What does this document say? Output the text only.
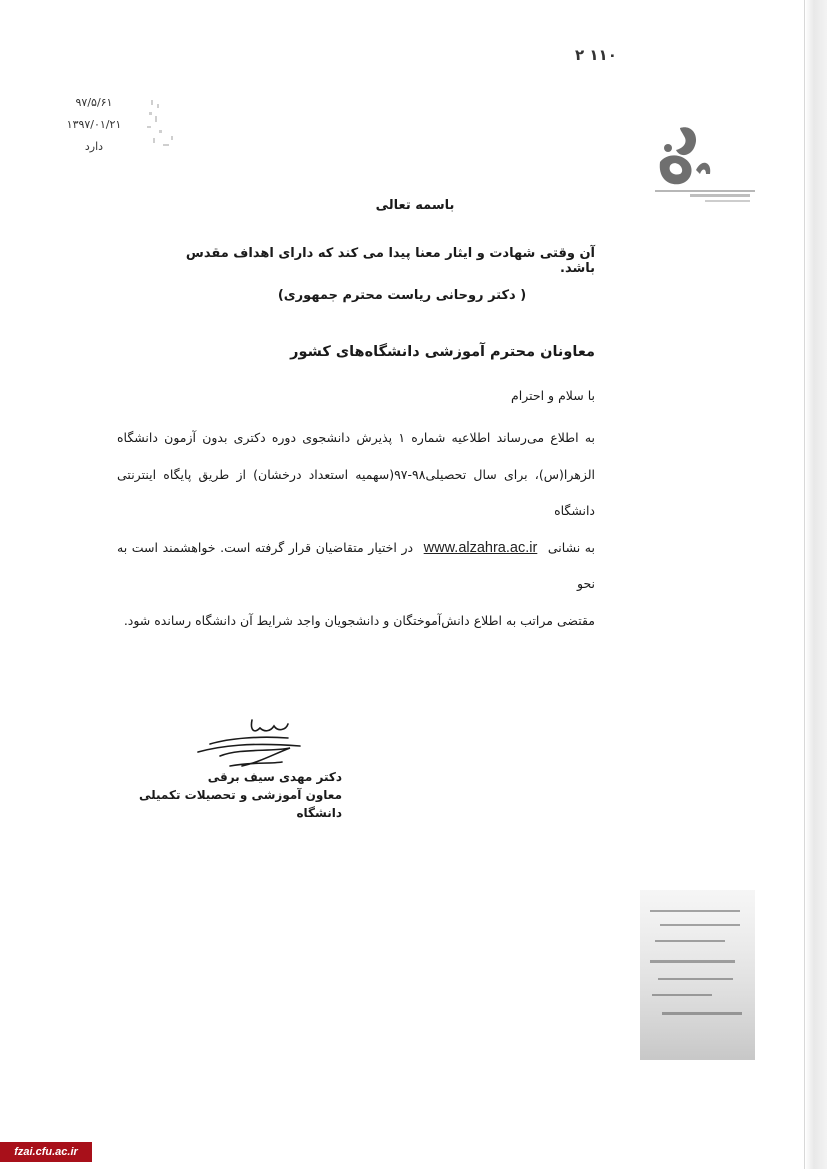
۲ ۱۱۰
۹۷/۵/۶۱
۱۳۹۷/۰۱/۲۱
دارد
باسمه تعالی
آن وقتی شهادت و ایثار معنا پیدا می کند که دارای اهداف مقدس باشد.
( دکتر روحانی ریاست محترم جمهوری)
معاونان محترم آموزشی دانشگاه‌های کشور
با سلام و احترام

به اطلاع می‌رساند اطلاعیه شماره ۱ پذیرش دانشجوی دوره دکتری بدون آزمون دانشگاه

الزهرا(س)، برای سال تحصیلی۹۸-۹۷(سهمیه استعداد درخشان) از طریق پایگاه اینترنتی دانشگاه

به نشانی www.alzahra.ac.ir در اختیار متقاضیان قرار گرفته است. خواهشمند است به نحو

مقتضی مراتب به اطلاع دانش‌آموختگان و دانشجویان واجد شرایط آن دانشگاه رسانده شود.

دکتر مهدی سیف برقی
معاون آموزشی و تحصیلات تکمیلی دانشگاه
fzai.cfu.ac.ir
